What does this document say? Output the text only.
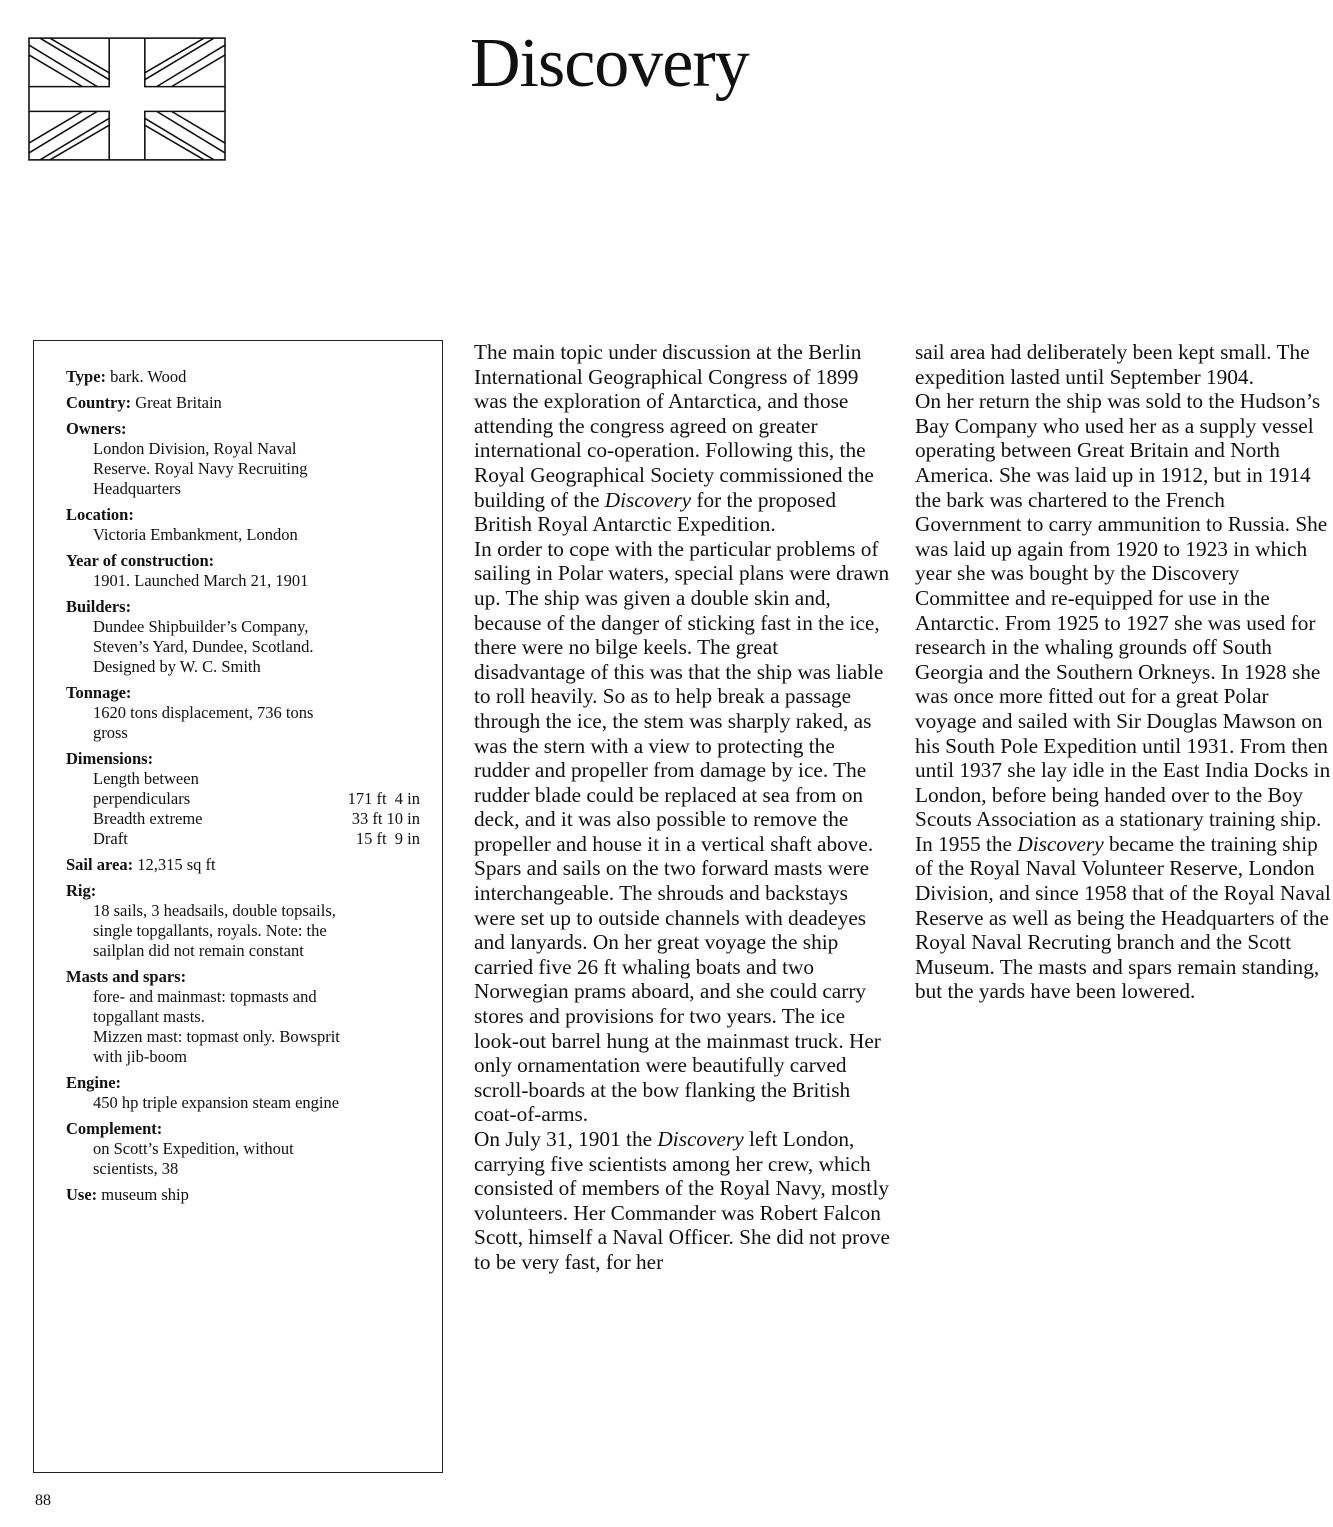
Discovery
Type: bark. Wood
Country: Great Britain
Owners:
London Division, Royal Naval
Reserve. Royal Navy Recruiting
Headquarters
Location:
Victoria Embankment, London
Year of construction:
1901. Launched March 21, 1901
Builders:
Dundee Shipbuilder’s Company,
Steven’s Yard, Dundee, Scotland.
Designed by W. C. Smith
Tonnage:
1620 tons displacement, 736 tons
gross
Dimensions:
Length between
perpendiculars	171 ft  4 in
Breadth extreme	33 ft 10 in
Draft	15 ft  9 in
Sail area: 12,315 sq ft
Rig:
18 sails, 3 headsails, double topsails,
single topgallants, royals. Note: the
sailplan did not remain constant
Masts and spars:
fore- and mainmast: topmasts and
topgallant masts.
Mizzen mast: topmast only. Bowsprit
with jib-boom
Engine:
450 hp triple expansion steam engine
Complement:
on Scott’s Expedition, without
scientists, 38
Use: museum ship

The main topic under discussion at the Berlin International Geographical Congress of 1899 was the exploration of Antarctica, and those attending the congress agreed on greater international co-operation. Following this, the Royal Geographical Society commissioned the building of the Discovery for the proposed British Royal Antarctic Expedition.

In order to cope with the particular problems of sailing in Polar waters, special plans were drawn up. The ship was given a double skin and, because of the danger of sticking fast in the ice, there were no bilge keels. The great disadvantage of this was that the ship was liable to roll heavily. So as to help break a passage through the ice, the stem was sharply raked, as was the stern with a view to protecting the rudder and propeller from damage by ice. The rudder blade could be replaced at sea from on deck, and it was also possible to remove the propeller and house it in a vertical shaft above. Spars and sails on the two forward masts were interchangeable. The shrouds and backstays were set up to outside channels with deadeyes and lanyards. On her great voyage the ship carried five 26 ft whaling boats and two Norwegian prams aboard, and she could carry stores and provisions for two years. The ice look-out barrel hung at the mainmast truck. Her only ornamentation were beautifully carved scroll-boards at the bow flanking the British coat-of-arms.

On July 31, 1901 the Discovery left London, carrying five scientists among her crew, which consisted of members of the Royal Navy, mostly volunteers. Her Commander was Robert Falcon Scott, himself a Naval Officer. She did not prove to be very fast, for her

sail area had deliberately been kept small. The expedition lasted until September 1904.

On her return the ship was sold to the Hudson’s Bay Company who used her as a supply vessel operating between Great Britain and North America. She was laid up in 1912, but in 1914 the bark was chartered to the French Government to carry ammunition to Russia. She was laid up again from 1920 to 1923 in which year she was bought by the Discovery Committee and re-equipped for use in the Antarctic. From 1925 to 1927 she was used for research in the whaling grounds off South Georgia and the Southern Orkneys. In 1928 she was once more fitted out for a great Polar voyage and sailed with Sir Douglas Mawson on his South Pole Expedition until 1931. From then until 1937 she lay idle in the East India Docks in London, before being handed over to the Boy Scouts Association as a stationary training ship. In 1955 the Discovery became the training ship of the Royal Naval Volunteer Reserve, London Division, and since 1958 that of the Royal Naval Reserve as well as being the Headquarters of the Royal Naval Recruting branch and the Scott Museum. The masts and spars remain standing, but the yards have been lowered.

88
